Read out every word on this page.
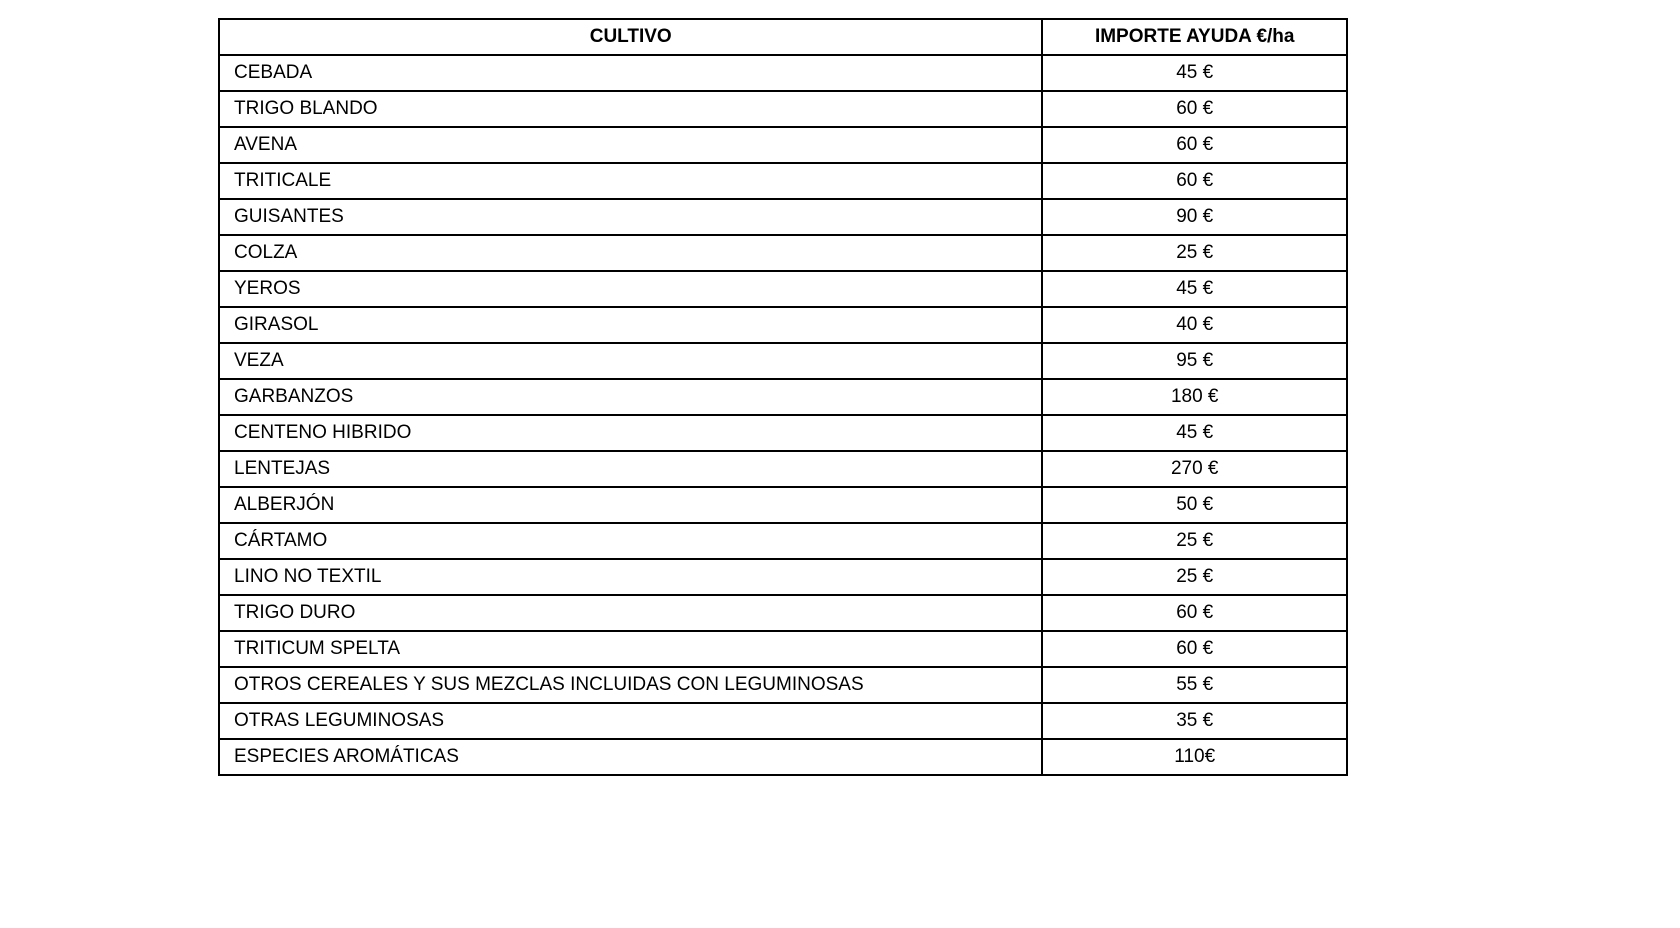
CULTIVO	IMPORTE AYUDA €/ha
CEBADA	45 €
TRIGO BLANDO	60 €
AVENA	60 €
TRITICALE	60 €
GUISANTES	90 €
COLZA	25 €
YEROS	45 €
GIRASOL	40 €
VEZA	95 €
GARBANZOS	180 €
CENTENO HIBRIDO	45 €
LENTEJAS	270 €
ALBERJÓN	50 €
CÁRTAMO	25 €
LINO NO TEXTIL	25 €
TRIGO DURO	60 €
TRITICUM SPELTA	60 €
OTROS CEREALES Y SUS MEZCLAS INCLUIDAS CON LEGUMINOSAS	55 €
OTRAS LEGUMINOSAS	35 €
ESPECIES AROMÁTICAS	110€
